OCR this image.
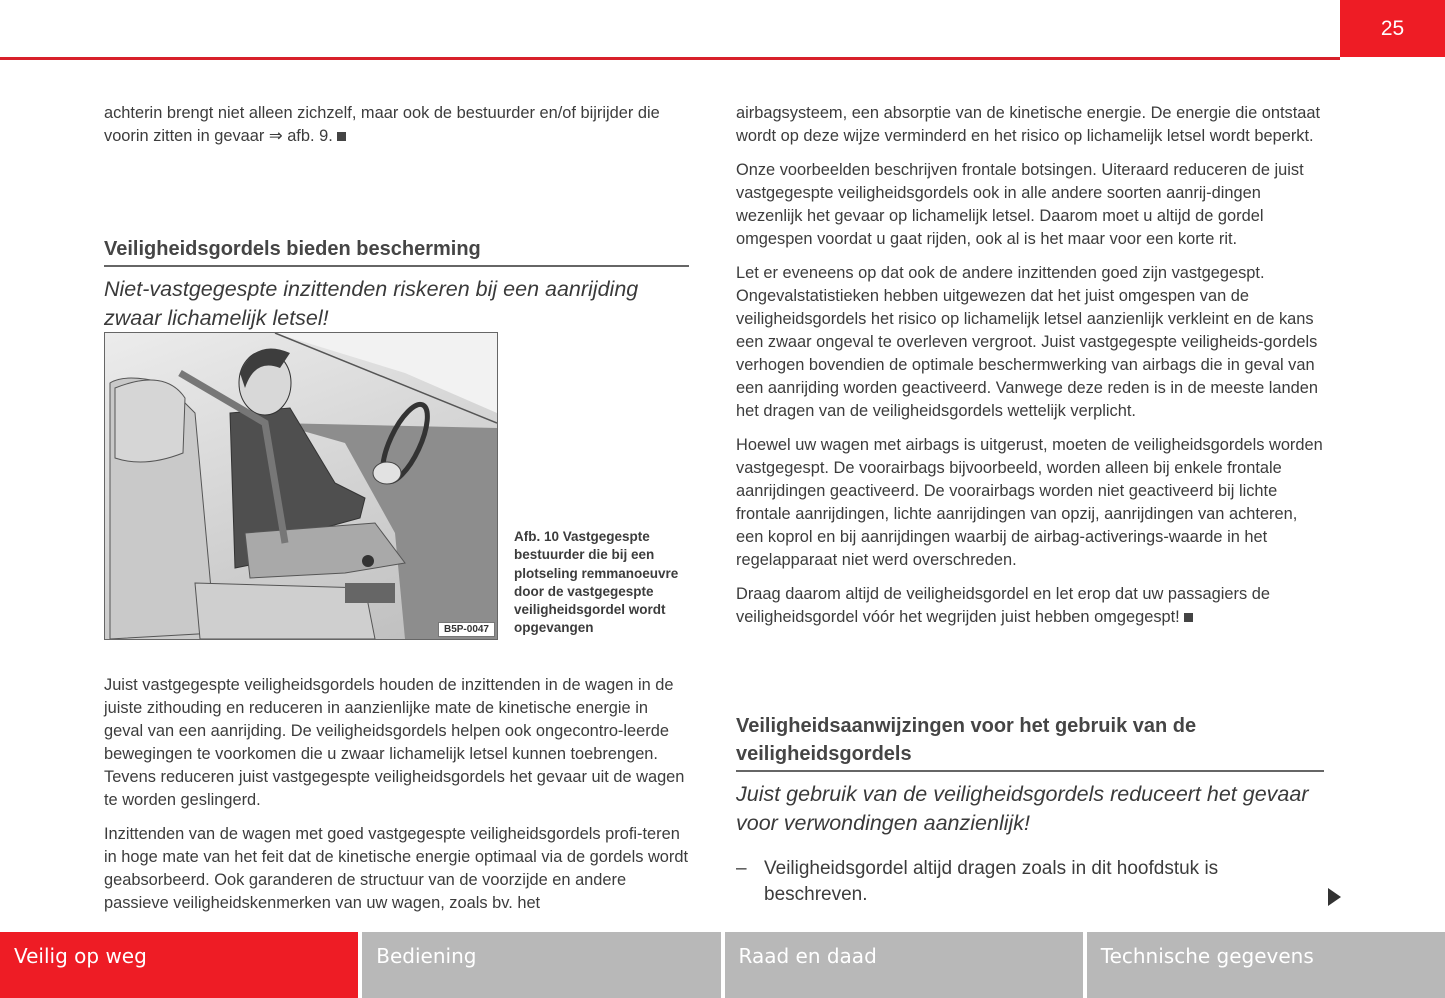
25

achterin brengt niet alleen zichzelf, maar ook de bestuurder en/of bijrijder die voorin zitten in gevaar ⇒ afb. 9.

Veiligheidsgordels bieden bescherming
Niet-vastgegespte inzittenden riskeren bij een aanrijding zwaar lichamelijk letsel!
B5P-0047
Afb. 10 Vastgegespte bestuurder die bij een plotseling remmanoeuvre door de vastgegespte veiligheidsgordel wordt opgevangen

Juist vastgegespte veiligheidsgordels houden de inzittenden in de wagen in de juiste zithouding en reduceren in aanzienlijke mate de kinetische energie in geval van een aanrijding. De veiligheidsgordels helpen ook ongecontro-leerde bewegingen te voorkomen die u zwaar lichamelijk letsel kunnen toebrengen. Tevens reduceren juist vastgegespte veiligheidsgordels het gevaar uit de wagen te worden geslingerd.

Inzittenden van de wagen met goed vastgegespte veiligheidsgordels profi-teren in hoge mate van het feit dat de kinetische energie optimaal via de gordels wordt geabsorbeerd. Ook garanderen de structuur van de voorzijde en andere passieve veiligheidskenmerken van uw wagen, zoals bv. het

airbagsysteem, een absorptie van de kinetische energie. De energie die ontstaat wordt op deze wijze verminderd en het risico op lichamelijk letsel wordt beperkt.

Onze voorbeelden beschrijven frontale botsingen. Uiteraard reduceren de juist vastgegespte veiligheidsgordels ook in alle andere soorten aanrij-dingen wezenlijk het gevaar op lichamelijk letsel. Daarom moet u altijd de gordel omgespen voordat u gaat rijden, ook al is het maar voor een korte rit.

Let er eveneens op dat ook de andere inzittenden goed zijn vastgegespt. Ongevalstatistieken hebben uitgewezen dat het juist omgespen van de veiligheidsgordels het risico op lichamelijk letsel aanzienlijk verkleint en de kans een zwaar ongeval te overleven vergroot. Juist vastgegespte veiligheids-gordels verhogen bovendien de optimale beschermwerking van airbags die in geval van een aanrijding worden geactiveerd. Vanwege deze reden is in de meeste landen het dragen van de veiligheidsgordels wettelijk verplicht.

Hoewel uw wagen met airbags is uitgerust, moeten de veiligheidsgordels worden vastgegespt. De voorairbags bijvoorbeeld, worden alleen bij enkele frontale aanrijdingen geactiveerd. De voorairbags worden niet geactiveerd bij lichte frontale aanrijdingen, lichte aanrijdingen van opzij, aanrijdingen van achteren, een koprol en bij aanrijdingen waarbij de airbag-activerings-waarde in het regelapparaat niet werd overschreden.

Draag daarom altijd de veiligheidsgordel en let erop dat uw passagiers de veiligheidsgordel vóór het wegrijden juist hebben omgegespt!

Veiligheidsaanwijzingen voor het gebruik van de veiligheidsgordels
Juist gebruik van de veiligheidsgordels reduceert het gevaar voor verwondingen aanzienlijk!
– Veiligheidsgordel altijd dragen zoals in dit hoofdstuk is beschreven.
Veilig op weg	Bediening	Raad en daad	Technische gegevens
